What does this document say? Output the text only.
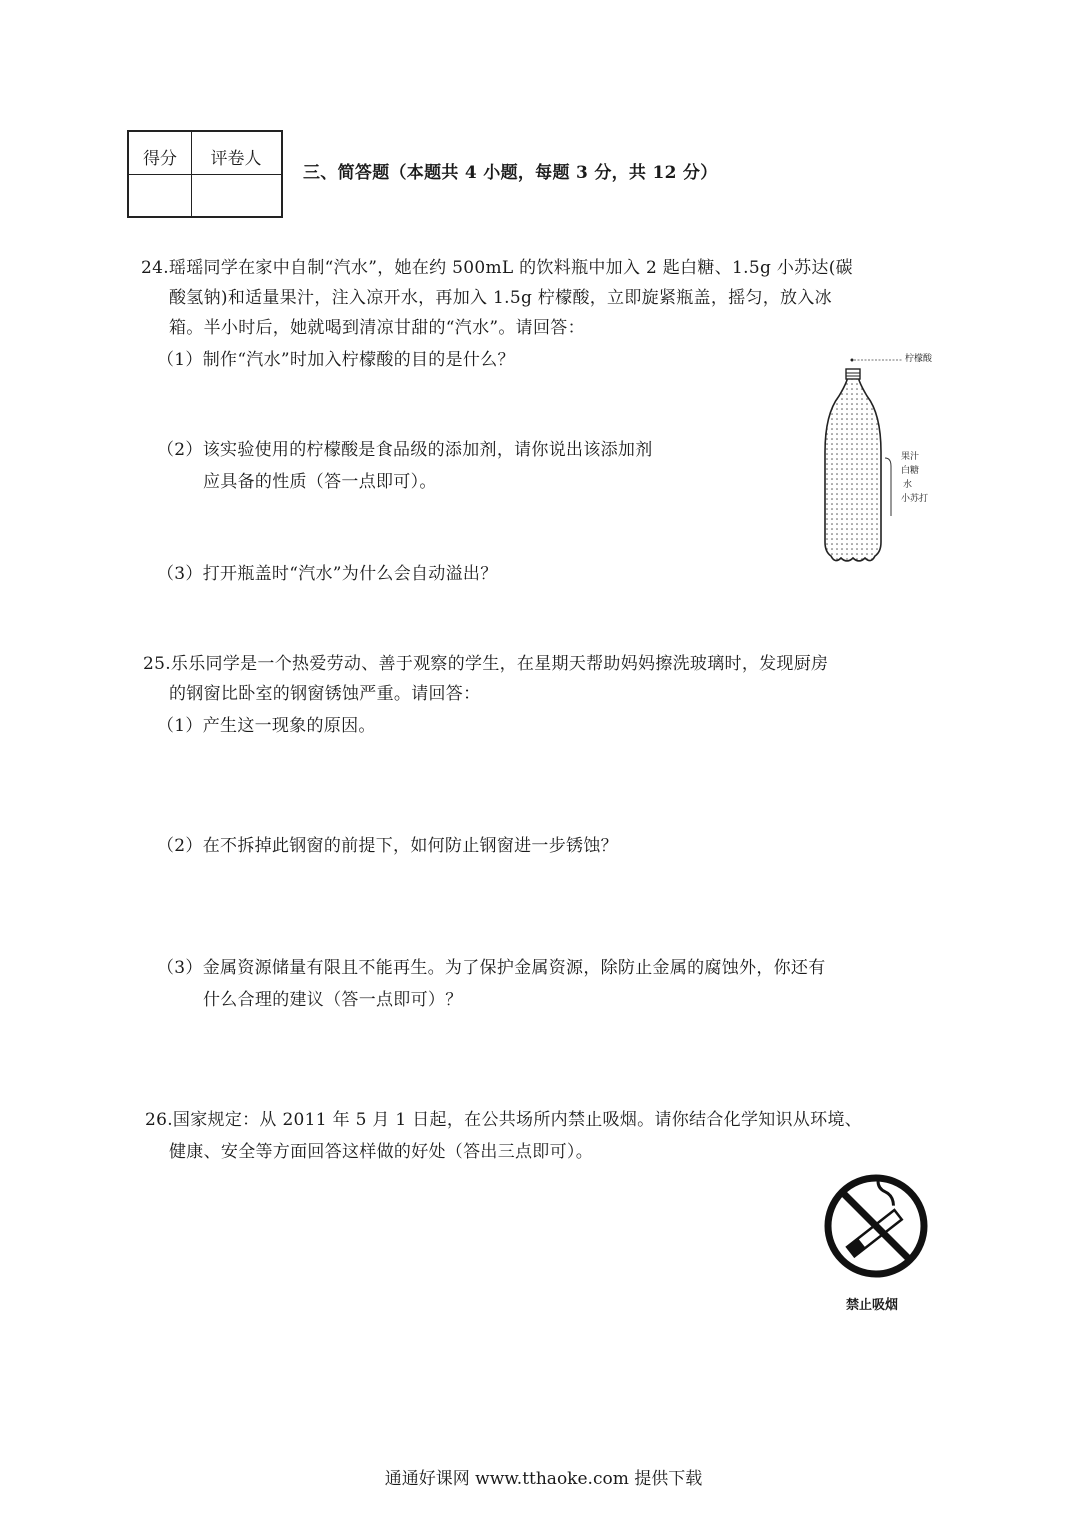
得分	评卷人
三、简答题（本题共 4 小题，每题 3 分，共 12 分）
24.瑶瑶同学在家中自制“汽水”，她在约 500mL 的饮料瓶中加入 2 匙白糖、1.5g 小苏达(碳
酸氢钠)和适量果汁，注入凉开水，再加入 1.5g 柠檬酸，立即旋紧瓶盖，摇匀，放入冰
箱。半小时后，她就喝到清凉甘甜的“汽水”。请回答：
（1）制作“汽水”时加入柠檬酸的目的是什么？
（2）该实验使用的柠檬酸是食品级的添加剂，请你说出该添加剂
应具备的性质（答一点即可）。
（3）打开瓶盖时“汽水”为什么会自动溢出？
柠檬酸
果汁
白糖
水
小苏打
25.乐乐同学是一个热爱劳动、善于观察的学生，在星期天帮助妈妈擦洗玻璃时，发现厨房
的钢窗比卧室的钢窗锈蚀严重。请回答：
（1）产生这一现象的原因。
（2）在不拆掉此钢窗的前提下，如何防止钢窗进一步锈蚀？
（3）金属资源储量有限且不能再生。为了保护金属资源，除防止金属的腐蚀外，你还有
什么合理的建议（答一点即可）？
26.国家规定：从 2011 年 5 月 1 日起，在公共场所内禁止吸烟。请你结合化学知识从环境、
健康、安全等方面回答这样做的好处（答出三点即可）。
禁止吸烟
通通好课网 www.tthaoke.com 提供下载
